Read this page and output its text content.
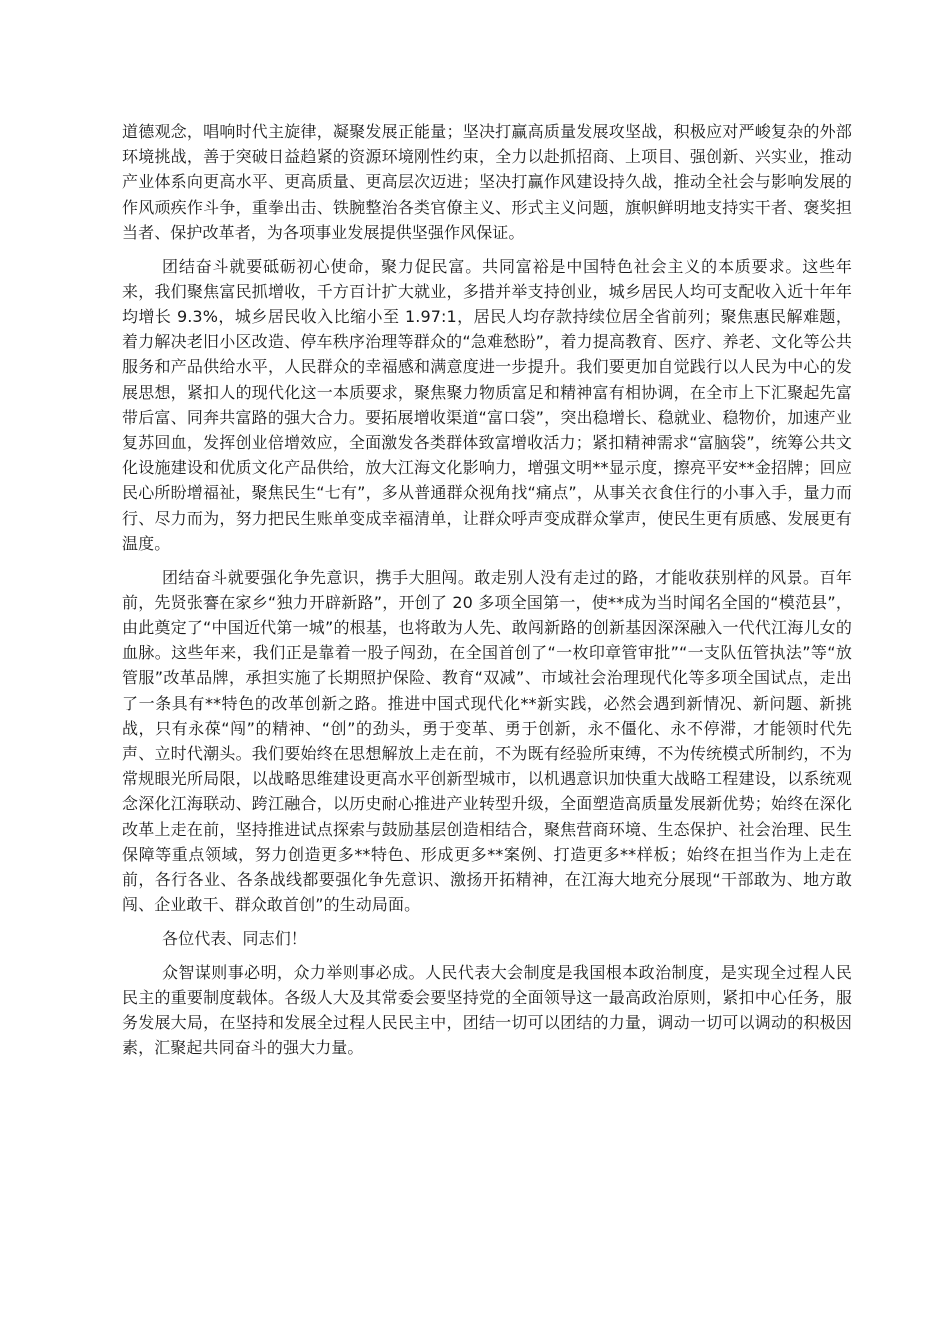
道德观念，唱响时代主旋律，凝聚发展正能量；坚决打赢高质量发展攻坚战，积极应对严峻复杂的外部环境挑战，善于突破日益趋紧的资源环境刚性约束，全力以赴抓招商、上项目、强创新、兴实业，推动产业体系向更高水平、更高质量、更高层次迈进；坚决打赢作风建设持久战，推动全社会与影响发展的作风顽疾作斗争，重拳出击、铁腕整治各类官僚主义、形式主义问题，旗帜鲜明地支持实干者、褒奖担当者、保护改革者，为各项事业发展提供坚强作风保证。

团结奋斗就要砥砺初心使命，聚力促民富。共同富裕是中国特色社会主义的本质要求。这些年来，我们聚焦富民抓增收，千方百计扩大就业，多措并举支持创业，城乡居民人均可支配收入近十年年均增长 9.3%，城乡居民收入比缩小至 1.97:1，居民人均存款持续位居全省前列；聚焦惠民解难题，着力解决老旧小区改造、停车秩序治理等群众的“急难愁盼”，着力提高教育、医疗、养老、文化等公共服务和产品供给水平，人民群众的幸福感和满意度进一步提升。我们要更加自觉践行以人民为中心的发展思想，紧扣人的现代化这一本质要求，聚焦聚力物质富足和精神富有相协调，在全市上下汇聚起先富带后富、同奔共富路的强大合力。要拓展增收渠道“富口袋”，突出稳增长、稳就业、稳物价，加速产业复苏回血，发挥创业倍增效应，全面激发各类群体致富增收活力；紧扣精神需求“富脑袋”，统筹公共文化设施建设和优质文化产品供给，放大江海文化影响力，增强文明**显示度，擦亮平安**金招牌；回应民心所盼增福祉，聚焦民生“七有”，多从普通群众视角找“痛点”，从事关衣食住行的小事入手，量力而行、尽力而为，努力把民生账单变成幸福清单，让群众呼声变成群众掌声，使民生更有质感、发展更有温度。

团结奋斗就要强化争先意识，携手大胆闯。敢走别人没有走过的路，才能收获别样的风景。百年前，先贤张謇在家乡“独力开辟新路”，开创了 20 多项全国第一，使**成为当时闻名全国的“模范县”，由此奠定了“中国近代第一城”的根基，也将敢为人先、敢闯新路的创新基因深深融入一代代江海儿女的血脉。这些年来，我们正是靠着一股子闯劲，在全国首创了“一枚印章管审批”“一支队伍管执法”等“放管服”改革品牌，承担实施了长期照护保险、教育“双减”、市域社会治理现代化等多项全国试点，走出了一条具有**特色的改革创新之路。推进中国式现代化**新实践，必然会遇到新情况、新问题、新挑战，只有永葆“闯”的精神、“创”的劲头，勇于变革、勇于创新，永不僵化、永不停滞，才能领时代先声、立时代潮头。我们要始终在思想解放上走在前，不为既有经验所束缚，不为传统模式所制约，不为常规眼光所局限，以战略思维建设更高水平创新型城市，以机遇意识加快重大战略工程建设，以系统观念深化江海联动、跨江融合，以历史耐心推进产业转型升级，全面塑造高质量发展新优势；始终在深化改革上走在前，坚持推进试点探索与鼓励基层创造相结合，聚焦营商环境、生态保护、社会治理、民生保障等重点领域，努力创造更多**特色、形成更多**案例、打造更多**样板；始终在担当作为上走在前，各行各业、各条战线都要强化争先意识、激扬开拓精神，在江海大地充分展现“干部敢为、地方敢闯、企业敢干、群众敢首创”的生动局面。

各位代表、同志们！

众智谋则事必明，众力举则事必成。人民代表大会制度是我国根本政治制度，是实现全过程人民民主的重要制度载体。各级人大及其常委会要坚持党的全面领导这一最高政治原则，紧扣中心任务，服务发展大局，在坚持和发展全过程人民民主中，团结一切可以团结的力量，调动一切可以调动的积极因素，汇聚起共同奋斗的强大力量。
